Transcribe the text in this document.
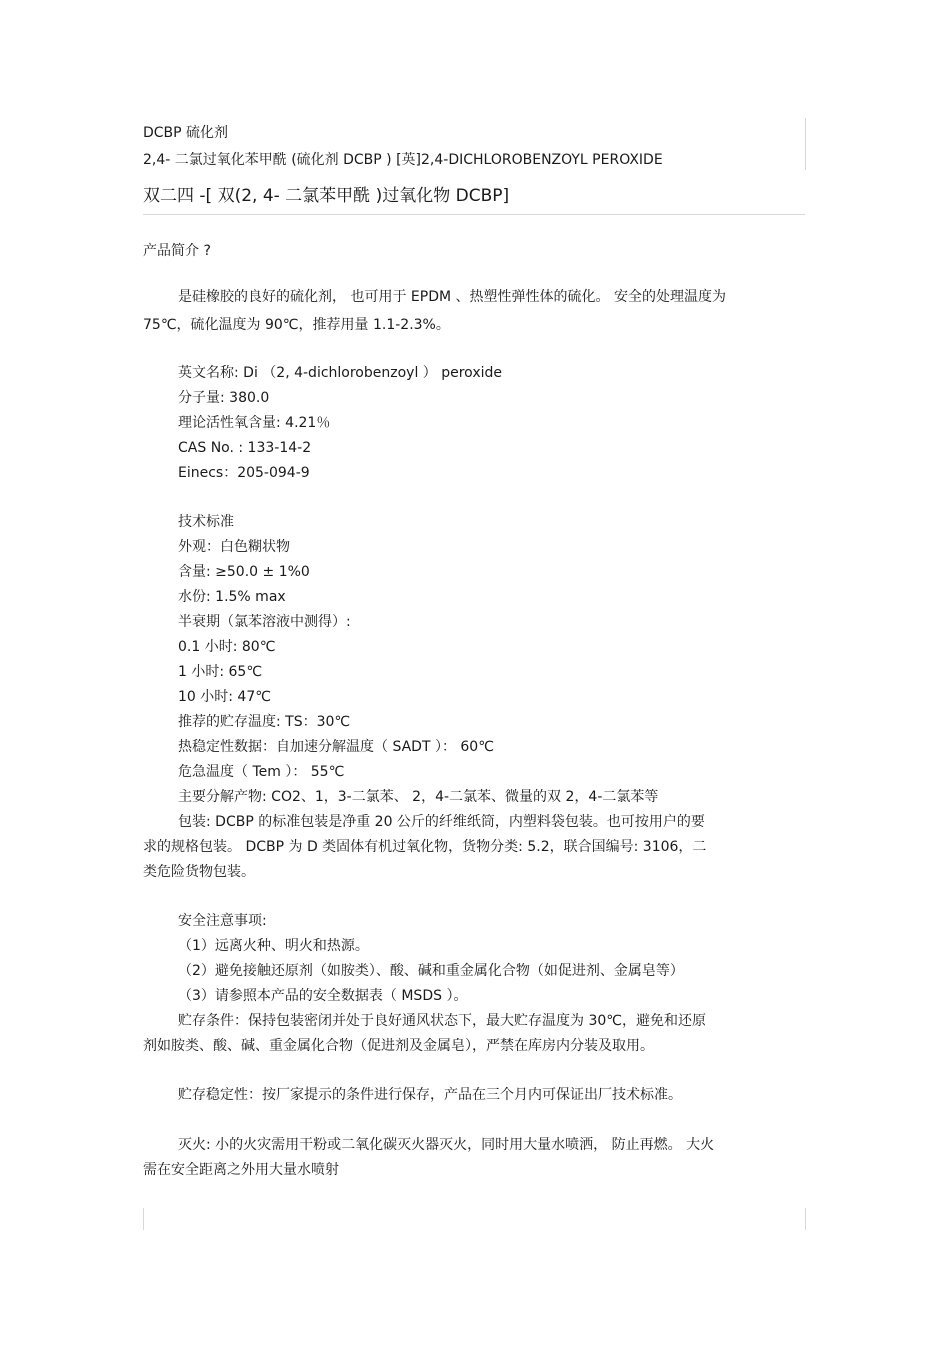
DCBP 硫化剂
2,4- 二氯过氧化苯甲酰 (硫化剂 DCBP ) [英]2,4-DICHLOROBENZOYL PEROXIDE
双二四 -[ 双(2, 4- 二氯苯甲酰 )过氧化物 DCBP]
产品简介 ?
是硅橡胶的良好的硫化剂， 也可用于 EPDM 、热塑性弹性体的硫化。 安全的处理温度为
75℃，硫化温度为 90℃，推荐用量 1.1-2.3%。
英文名称: Di （2, 4-dichlorobenzoyl ） peroxide
分子量: 380.0
理论活性氧含量: 4.21％
CAS No. : 133-14-2
Einecs：205-094-9
技术标准
外观：白色糊状物
含量: ≥50.0 ± 1%0
水份: 1.5% max
半衰期（氯苯溶液中测得）:
0.1 小时: 80℃
1 小时: 65℃
10 小时: 47℃
推荐的贮存温度: TS：30℃
热稳定性数据：自加速分解温度（ SADT ）： 60℃
危急温度（ Tem ）： 55℃
主要分解产物: CO2、1，3-二氯苯、 2，4-二氯苯、微量的双 2，4-二氯苯等
包装: DCBP 的标准包装是净重 20 公斤的纤维纸筒，内塑料袋包装。也可按用户的要
求的规格包装。 DCBP 为 D 类固体有机过氧化物，货物分类: 5.2，联合国编号: 3106，二
类危险货物包装。
安全注意事项:
（1）远离火种、明火和热源。
（2）避免接触还原剂（如胺类）、酸、碱和重金属化合物（如促进剂、金属皂等）
（3）请参照本产品的安全数据表（ MSDS ）。
贮存条件：保持包装密闭并处于良好通风状态下，最大贮存温度为 30℃，避免和还原
剂如胺类、酸、碱、重金属化合物（促进剂及金属皂），严禁在库房内分装及取用。
贮存稳定性：按厂家提示的条件进行保存，产品在三个月内可保证出厂技术标准。
灭火: 小的火灾需用干粉或二氧化碳灭火器灭火，同时用大量水喷洒， 防止再燃。 大火
需在安全距离之外用大量水喷射
